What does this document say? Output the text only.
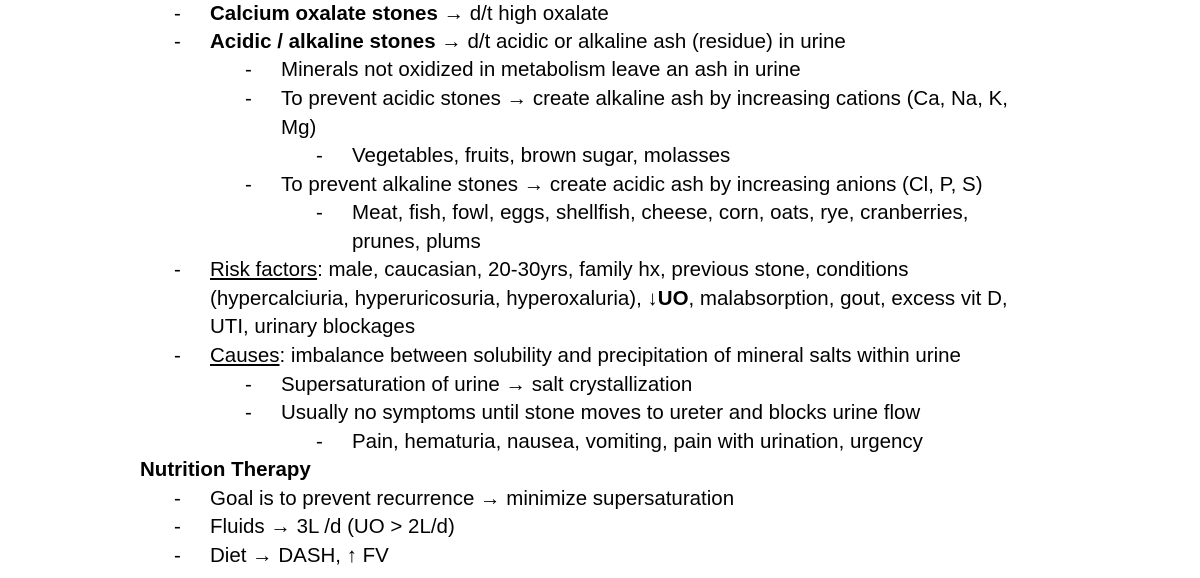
- Calcium oxalate stones → d/t high oxalate
- Acidic / alkaline stones → d/t acidic or alkaline ash (residue) in urine
- Minerals not oxidized in metabolism leave an ash in urine
- To prevent acidic stones → create alkaline ash by increasing cations (Ca, Na, K,
Mg)
- Vegetables, fruits, brown sugar, molasses
- To prevent alkaline stones → create acidic ash by increasing anions (Cl, P, S)
- Meat, fish, fowl, eggs, shellfish, cheese, corn, oats, rye, cranberries,
prunes, plums
- Risk factors: male, caucasian, 20-30yrs, family hx, previous stone, conditions
(hypercalciuria, hyperuricosuria, hyperoxaluria), ↓UO, malabsorption, gout, excess vit D,
UTI, urinary blockages
- Causes: imbalance between solubility and precipitation of mineral salts within urine
- Supersaturation of urine → salt crystallization
- Usually no symptoms until stone moves to ureter and blocks urine flow
- Pain, hematuria, nausea, vomiting, pain with urination, urgency
Nutrition Therapy
- Goal is to prevent recurrence → minimize supersaturation
- Fluids → 3L /d (UO > 2L/d)
- Diet → DASH, ↑ FV
